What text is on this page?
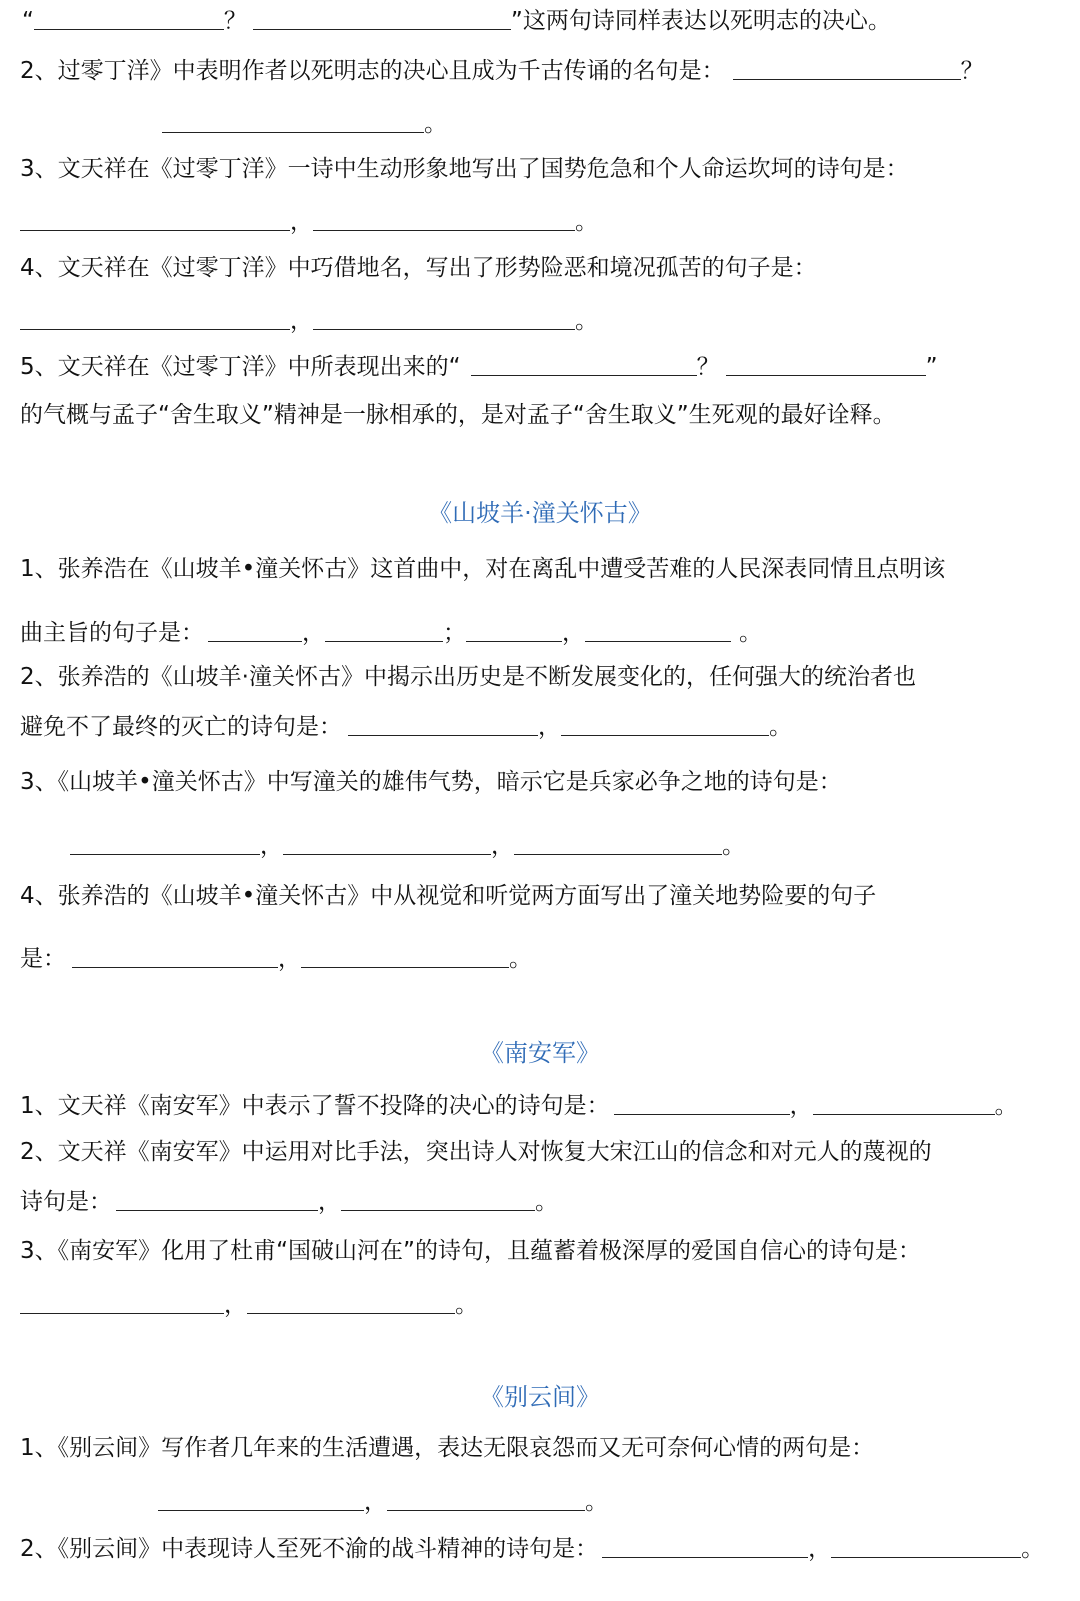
“	？	”这两句诗同样表达以死明志的决心。
2、过零丁洋》中表明作者以死明志的决心且成为千古传诵的名句是：	？
。
3、文天祥在《过零丁洋》一诗中生动形象地写出了国势危急和个人命运坎坷的诗句是：
，	。
4、文天祥在《过零丁洋》中巧借地名，写出了形势险恶和境况孤苦的句子是：
，	。
5、文天祥在《过零丁洋》中所表现出来的“	？	”
的气概与孟子“舍生取义”精神是一脉相承的，是对孟子“舍生取义”生死观的最好诠释。
《山坡羊·潼关怀古》
1、张养浩在《山坡羊•潼关怀古》这首曲中，对在离乱中遭受苦难的人民深表同情且点明该
曲主旨的句子是：	，	；	，	。
2、张养浩的《山坡羊·潼关怀古》中揭示出历史是不断发展变化的，任何强大的统治者也
避免不了最终的灭亡的诗句是：	，	。
3、《山坡羊•潼关怀古》中写潼关的雄伟气势，暗示它是兵家必争之地的诗句是：
，	，	。
4、张养浩的《山坡羊•潼关怀古》中从视觉和听觉两方面写出了潼关地势险要的句子
是：	，	。
《南安军》
1、文天祥《南安军》中表示了誓不投降的决心的诗句是：	，	。
2、文天祥《南安军》中运用对比手法，突出诗人对恢复大宋江山的信念和对元人的蔑视的
诗句是：	，	。
3、《南安军》化用了杜甫“国破山河在”的诗句，且蕴蓄着极深厚的爱国自信心的诗句是：
，	。
《别云间》
1、《别云间》写作者几年来的生活遭遇，表达无限哀怨而又无可奈何心情的两句是：
，	。
2、《别云间》中表现诗人至死不渝的战斗精神的诗句是：	，	。
